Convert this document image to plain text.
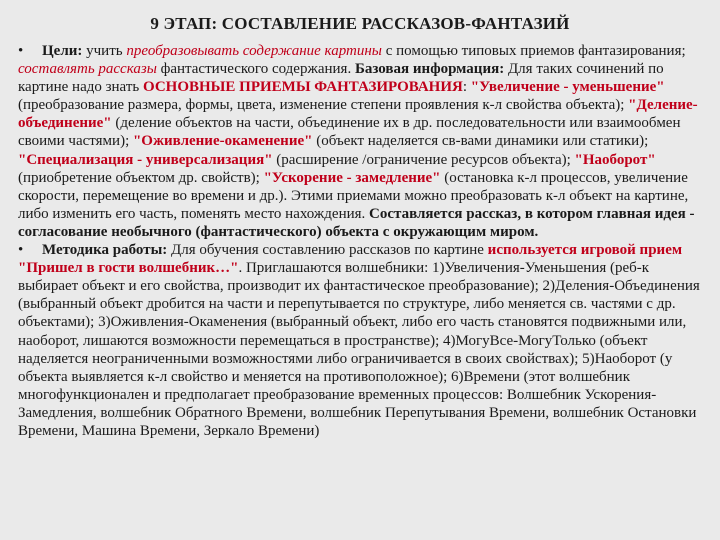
9 ЭТАП: СОСТАВЛЕНИЕ РАССКАЗОВ-ФАНТАЗИЙ

• Цели: учить преобразовывать содержание картины с помощью типовых приемов фантазирования; составлять рассказы фантастического содержания. Базовая информация: Для таких сочинений по картине надо знать ОСНОВНЫЕ ПРИЕМЫ ФАНТАЗИРОВАНИЯ: "Увеличение - уменьшение" (преобразование размера, формы, цвета, изменение степени проявления к-л свойства объекта); "Деление-объединение" (деление объектов на части, объединение их в др. последовательности или взаимообмен своими частями); "Оживление-окаменение" (объект наделяется св-вами динамики или статики); "Специализация - универсализация" (расширение /ограничение ресурсов объекта); "Наоборот" (приобретение объектом др. свойств); "Ускорение - замедление" (остановка к-л процессов, увеличение скорости, перемещение во времени и др.). Этими приемами можно преобразовать к-л объект на картине, либо изменить его часть, поменять место нахождения. Составляется рассказ, в котором главная идея - согласование необычного (фантастического) объекта с окружающим миром.

• Методика работы: Для обучения составлению рассказов по картине используется игровой прием "Пришел в гости волшебник…". Приглашаются волшебники: 1)Увеличения-Уменьшения (реб-к выбирает объект и его свойства, производит их фантастическое преобразование); 2)Деления-Объединения (выбранный объект дробится на части и перепутывается по структуре, либо меняется св. частями с др. объектами); 3)Оживления-Окаменения (выбранный объект, либо его часть становятся подвижными или, наоборот, лишаются возможности перемещаться в пространстве); 4)МогуВсе-МогуТолько (объект наделяется неограниченными возможностями либо ограничивается в своих свойствах); 5)Наоборот (у объекта выявляется к-л свойство и меняется на противоположное); 6)Времени (этот волшебник многофункционален и предполагает преобразование временных процессов: Волшебник Ускорения-Замедления, волшебник Обратного Времени, волшебник Перепутывания Времени, волшебник Остановки Времени, Машина Времени, Зеркало Времени)
